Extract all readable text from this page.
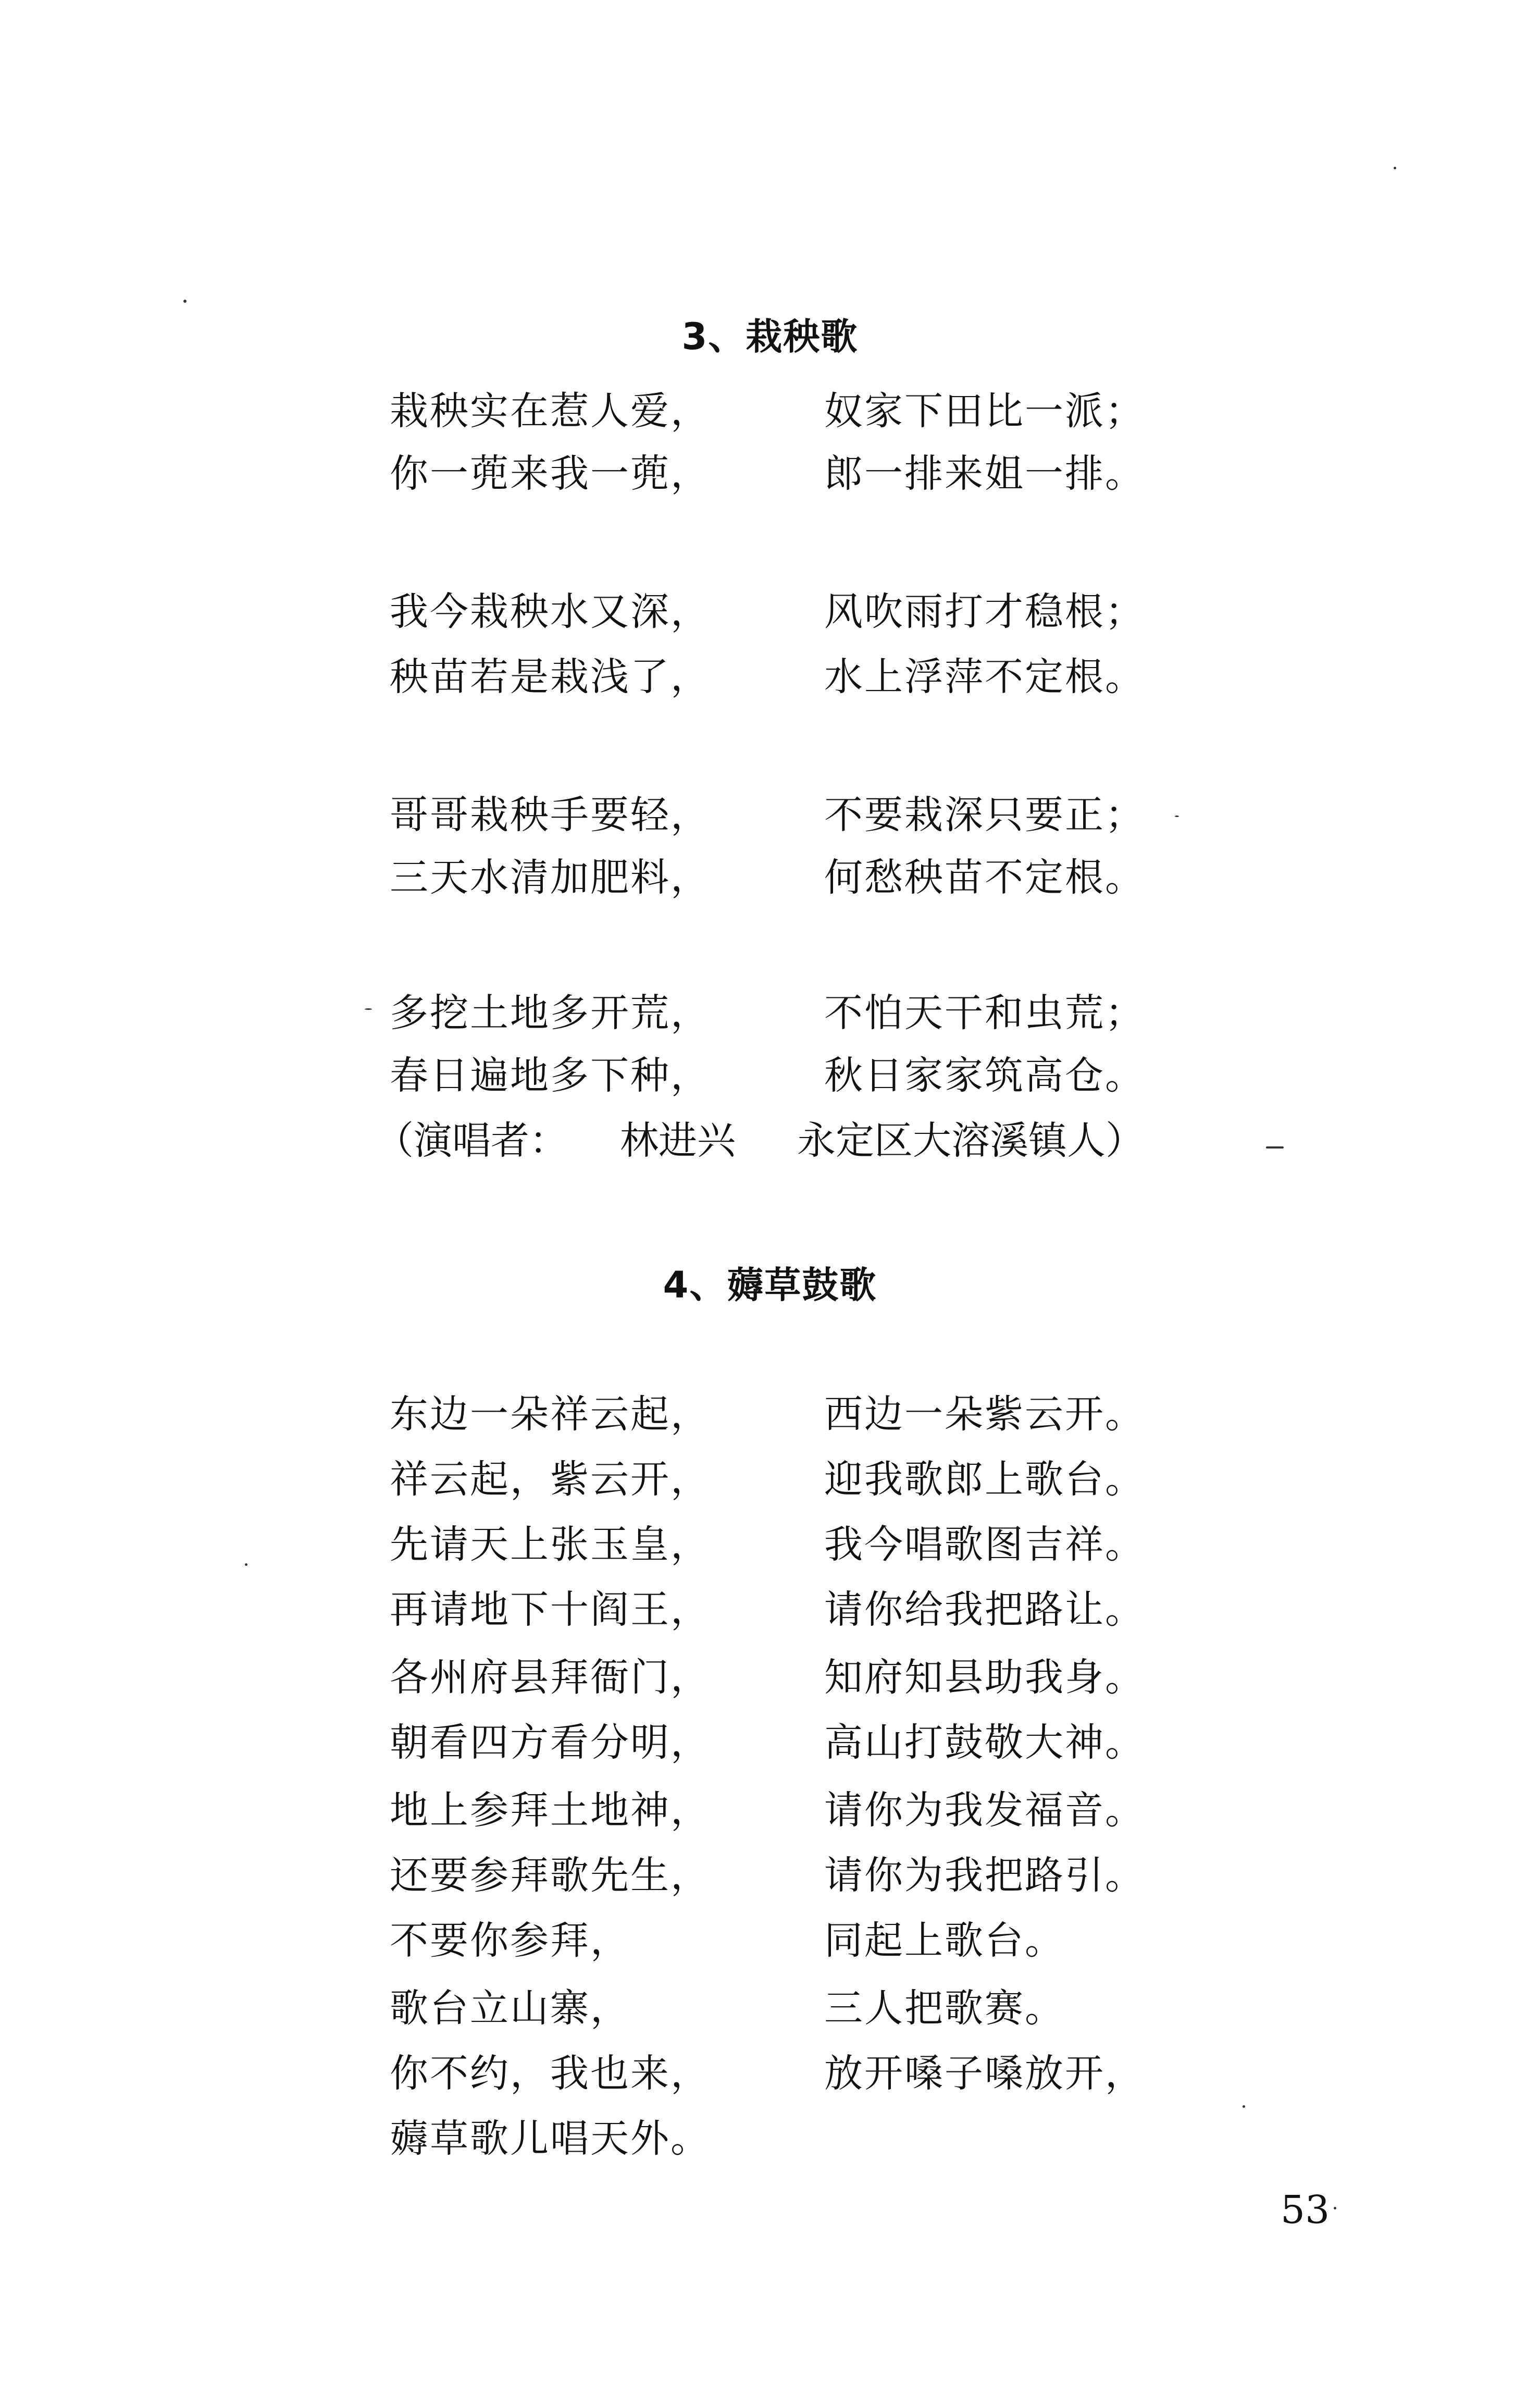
3、栽秧歌
栽秧实在惹人爱，	奴家下田比一派；
你一蔸来我一蔸，	郎一排来姐一排。
我今栽秧水又深，	风吹雨打才稳根；
秧苗若是栽浅了，	水上浮萍不定根。
哥哥栽秧手要轻，	不要栽深只要正；
三天水清加肥料，	何愁秧苗不定根。
多挖土地多开荒，	不怕天干和虫荒；
春日遍地多下种，	秋日家家筑高仓。
（演唱者： 林进兴 永定区大溶溪镇人）
4、薅草鼓歌
东边一朵祥云起，	西边一朵紫云开。
祥云起，紫云开，	迎我歌郎上歌台。
先请天上张玉皇，	我今唱歌图吉祥。
再请地下十阎王，	请你给我把路让。
各州府县拜衙门，	知府知县助我身。
朝看四方看分明，	高山打鼓敬大神。
地上参拜土地神，	请你为我发福音。
还要参拜歌先生，	请你为我把路引。
不要你参拜，	同起上歌台。
歌台立山寨，	三人把歌赛。
你不约，我也来，	放开嗓子嗓放开，
薅草歌儿唱天外。
53
